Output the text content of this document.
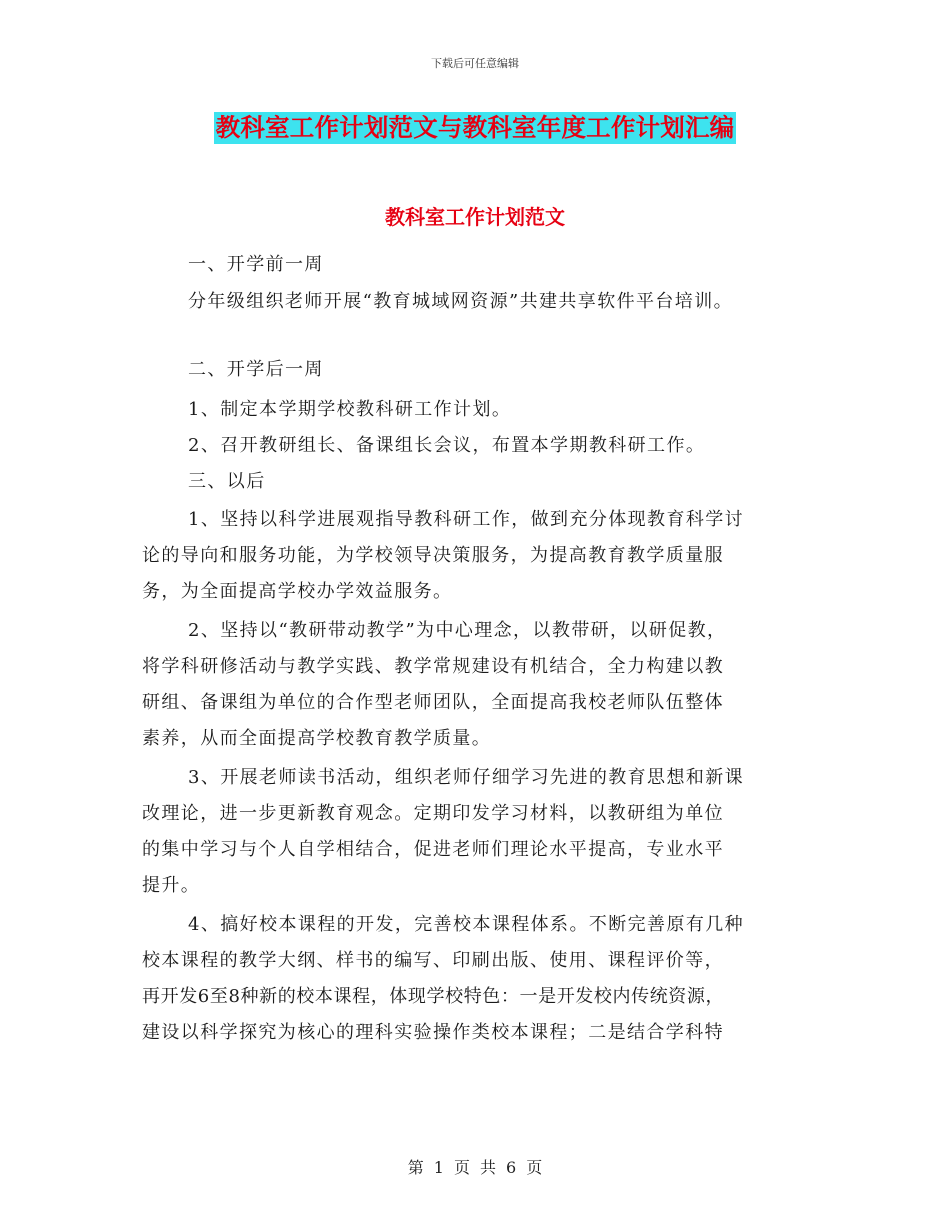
下载后可任意编辑
教科室工作计划范文与教科室年度工作计划汇编
教科室工作计划范文
一、开学前一周
分年级组织老师开展“教育城域网资源”共建共享软件平台培训。
二、开学后一周
1、制定本学期学校教科研工作计划。
2、召开教研组长、备课组长会议，布置本学期教科研工作。
三、以后
1、坚持以科学进展观指导教科研工作，做到充分体现教育科学讨
论的导向和服务功能，为学校领导决策服务，为提高教育教学质量服
务，为全面提高学校办学效益服务。
2、坚持以“教研带动教学”为中心理念，以教带研，以研促教，
将学科研修活动与教学实践、教学常规建设有机结合，全力构建以教
研组、备课组为单位的合作型老师团队，全面提高我校老师队伍整体
素养，从而全面提高学校教育教学质量。
3、开展老师读书活动，组织老师仔细学习先进的教育思想和新课
改理论，进一步更新教育观念。定期印发学习材料，以教研组为单位
的集中学习与个人自学相结合，促进老师们理论水平提高，专业水平
提升。
4、搞好校本课程的开发，完善校本课程体系。不断完善原有几种
校本课程的教学大纲、样书的编写、印刷出版、使用、课程评价等，
再开发6至8种新的校本课程，体现学校特色：一是开发校内传统资源，
建设以科学探究为核心的理科实验操作类校本课程；二是结合学科特
第 1 页 共 6 页
